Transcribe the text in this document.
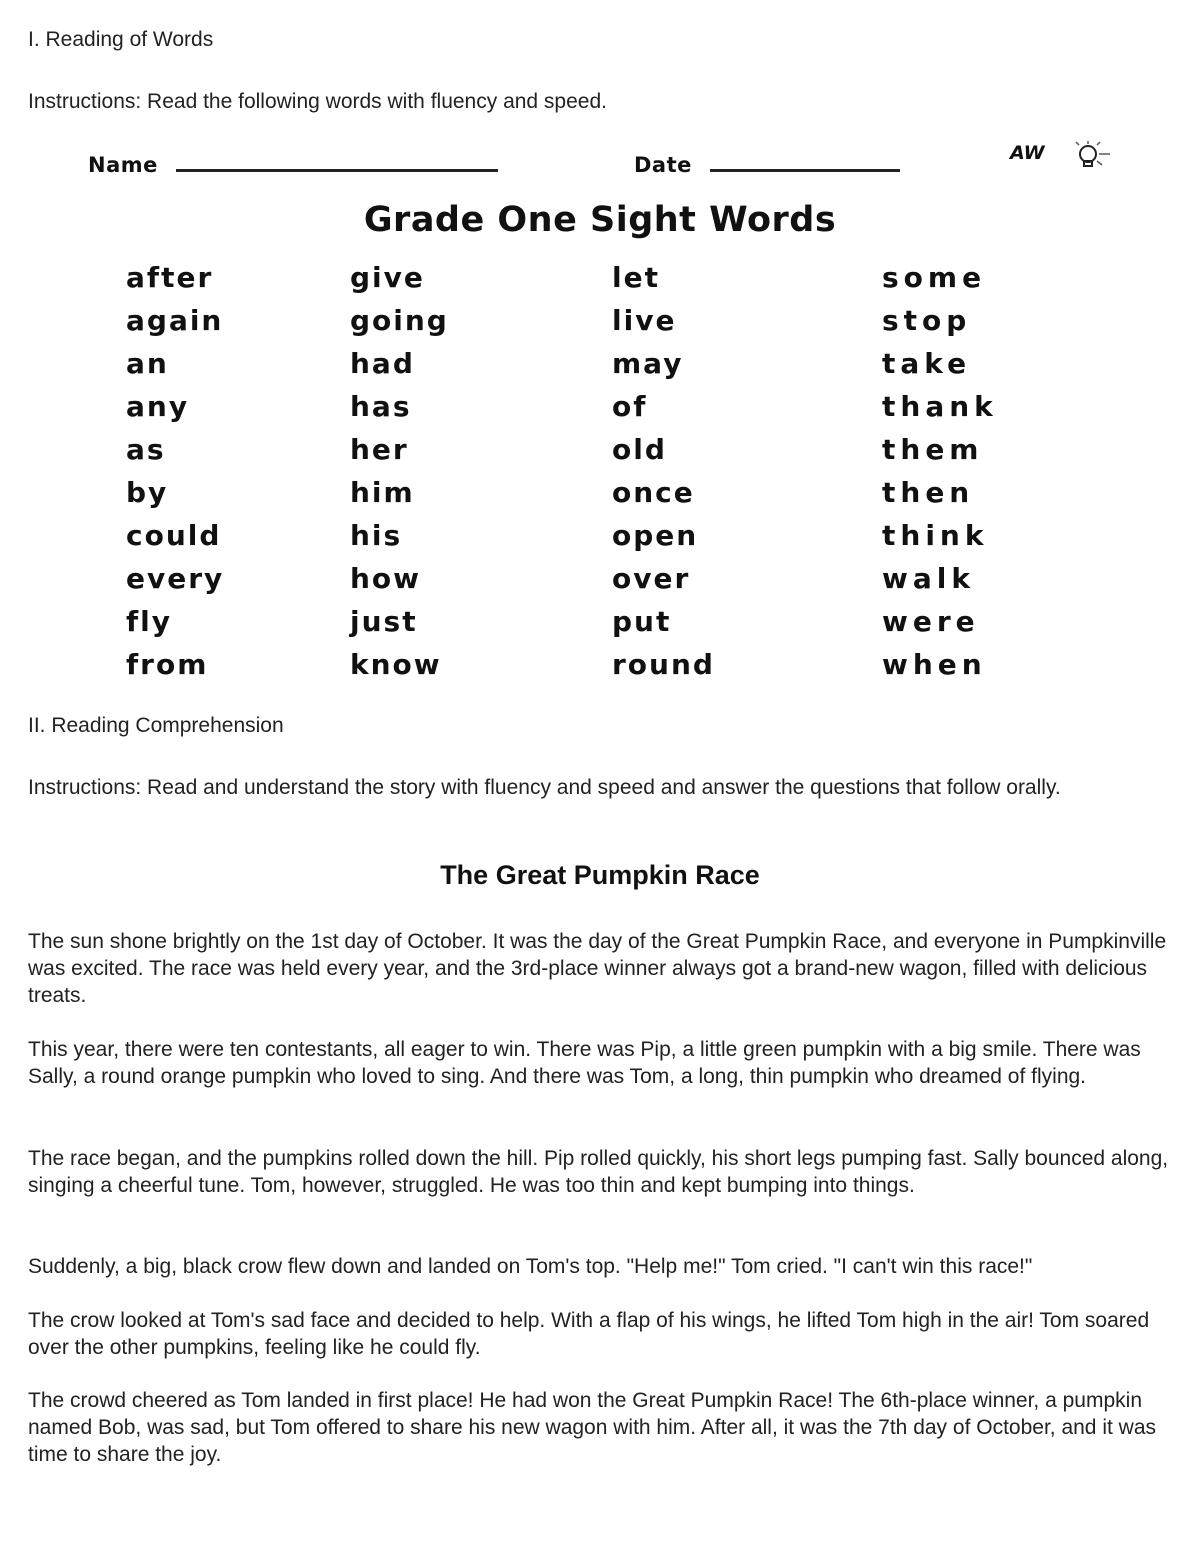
I. Reading of Words
Instructions: Read the following words with fluency and speed.
Name	Date	AW
Grade One Sight Words
after
again
an
any
as
by
could
every
fly
from
give
going
had
has
her
him
his
how
just
know
let
live
may
of
old
once
open
over
put
round
some
stop
take
thank
them
then
think
walk
were
when
II. Reading Comprehension
Instructions: Read and understand the story with fluency and speed and answer the questions that follow orally.
The Great Pumpkin Race

The sun shone brightly on the 1st day of October. It was the day of the Great Pumpkin Race, and everyone in Pumpkinville was excited. The race was held every year, and the 3rd-place winner always got a brand-new wagon, filled with delicious treats.

This year, there were ten contestants, all eager to win. There was Pip, a little green pumpkin with a big smile. There was Sally, a round orange pumpkin who loved to sing. And there was Tom, a long, thin pumpkin who dreamed of flying.

The race began, and the pumpkins rolled down the hill. Pip rolled quickly, his short legs pumping fast. Sally bounced along, singing a cheerful tune. Tom, however, struggled. He was too thin and kept bumping into things.

Suddenly, a big, black crow flew down and landed on Tom's top. "Help me!" Tom cried. "I can't win this race!"

The crow looked at Tom's sad face and decided to help. With a flap of his wings, he lifted Tom high in the air! Tom soared over the other pumpkins, feeling like he could fly.

The crowd cheered as Tom landed in first place! He had won the Great Pumpkin Race! The 6th-place winner, a pumpkin named Bob, was sad, but Tom offered to share his new wagon with him. After all, it was the 7th day of October, and it was time to share the joy.
